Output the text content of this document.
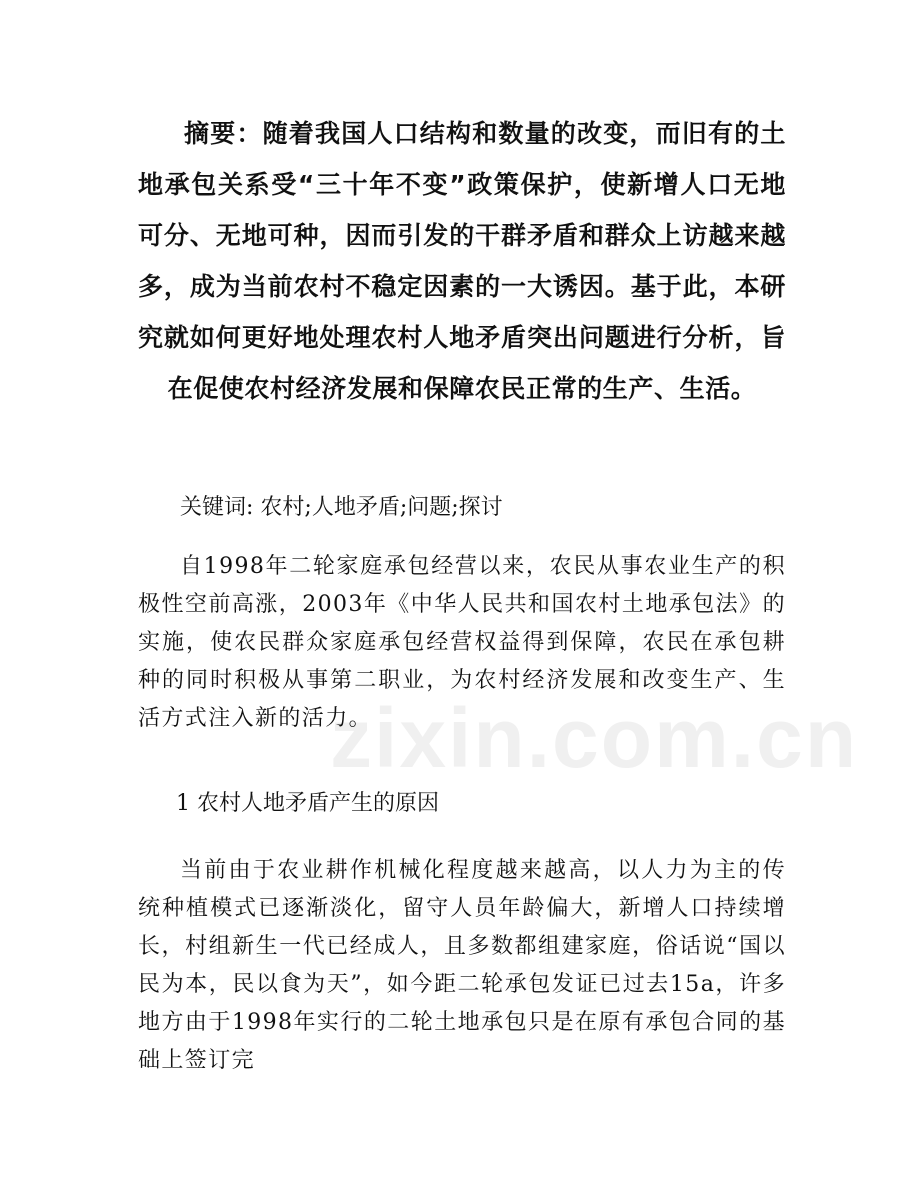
zixin.com.cn

摘要：随着我国人口结构和数量的改变，而旧有的土地承包关系受“三十年不变”政策保护，使新增人口无地可分、无地可种，因而引发的干群矛盾和群众上访越来越多，成为当前农村不稳定因素的一大诱因。基于此，本研究就如何更好地处理农村人地矛盾突出问题进行分析，旨在促使农村经济发展和保障农民正常的生产、生活。

关键词: 农村;人地矛盾;问题;探讨

自1998年二轮家庭承包经营以来，农民从事农业生产的积极性空前高涨，2003年《中华人民共和国农村土地承包法》的实施，使农民群众家庭承包经营权益得到保障，农民在承包耕种的同时积极从事第二职业，为农村经济发展和改变生产、生活方式注入新的活力。

1 农村人地矛盾产生的原因

当前由于农业耕作机械化程度越来越高，以人力为主的传统种植模式已逐渐淡化，留守人员年龄偏大，新增人口持续增长，村组新生一代已经成人，且多数都组建家庭，俗话说“国以民为本，民以食为天”，如今距二轮承包发证已过去15a，许多地方由于1998年实行的二轮土地承包只是在原有承包合同的基础上签订完
